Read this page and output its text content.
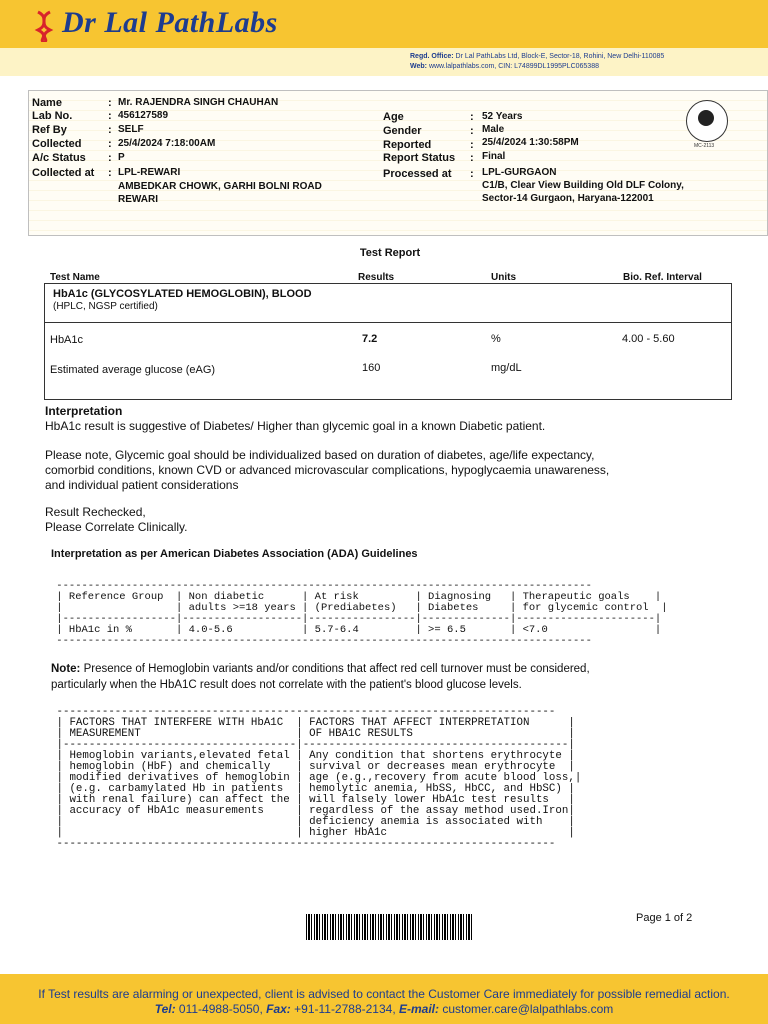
Dr Lal PathLabs
Regd. Office: Dr Lal PathLabs Ltd, Block-E, Sector-18, Rohini, New Delhi-110085
Web: www.lalpathlabs.com, CIN: L74899DL1995PLC065388
Name	: Mr. RAJENDRA SINGH CHAUHAN
Lab No.	: 456127589
Ref By	: SELF
Collected : 25/4/2024 7:18:00AM
A/c Status : P
Collected at : LPL-REWARI
AMBEDKAR CHOWK, GARHI BOLNI ROAD
REWARI
Age	: 52 Years
Gender	: Male
Reported	: 25/4/2024 1:30:58PM
Report Status : Final
Processed at : LPL-GURGAON
C1/B, Clear View Building Old DLF Colony,
Sector-14 Gurgaon, Haryana-122001
MC-2113
Test Report
Test Name	Results	Units	Bio. Ref. Interval
HbA1c (GLYCOSYLATED HEMOGLOBIN), BLOOD
(HPLC, NGSP certified)
HbA1c	7.2	%	4.00 - 5.60
Estimated average glucose (eAG)	160	mg/dL
Interpretation
HbA1c result is suggestive of Diabetes/ Higher than glycemic goal in a known Diabetic patient.
Please note, Glycemic goal should be individualized based on duration of diabetes, age/life expectancy,
comorbid conditions, known CVD or advanced microvascular complications, hypoglycaemia unawareness,
and individual patient considerations
Result Rechecked,
Please Correlate Clinically.
Interpretation as per American Diabetes Association (ADA) Guidelines
-------------------------------------------------------------------------------------
| Reference Group  | Non diabetic      | At risk         | Diagnosing   | Therapeutic goals    |
|                  | adults >=18 years | (Prediabetes)   | Diabetes     | for glycemic control  |
|------------------|-------------------|-----------------|--------------|----------------------|
| HbA1c in %       | 4.0-5.6           | 5.7-6.4         | >= 6.5       | <7.0                 |
-------------------------------------------------------------------------------------
Note: Presence of Hemoglobin variants and/or conditions that affect red cell turnover must be considered,
particularly when the HbA1C result does not correlate with the patient's blood glucose levels.
-----------------------------------------------------------------------------
| FACTORS THAT INTERFERE WITH HbA1C  | FACTORS THAT AFFECT INTERPRETATION      |
| MEASUREMENT                        | OF HBA1C RESULTS                        |
|------------------------------------|-----------------------------------------|
| Hemoglobin variants,elevated fetal | Any condition that shortens erythrocyte |
| hemoglobin (HbF) and chemically    | survival or decreases mean erythrocyte  |
| modified derivatives of hemoglobin | age (e.g.,recovery from acute blood loss,|
| (e.g. carbamylated Hb in patients  | hemolytic anemia, HbSS, HbCC, and HbSC) |
| with renal failure) can affect the | will falsely lower HbA1c test results   |
| accuracy of HbA1c measurements     | regardless of the assay method used.Iron|
|                                    | deficiency anemia is associated with    |
|                                    | higher HbA1c                            |
-----------------------------------------------------------------------------
Page 1 of 2
If Test results are alarming or unexpected, client is advised to contact the Customer Care immediately for possible remedial action.
Tel: 011-4988-5050, Fax: +91-11-2788-2134, E-mail: customer.care@lalpathlabs.com
